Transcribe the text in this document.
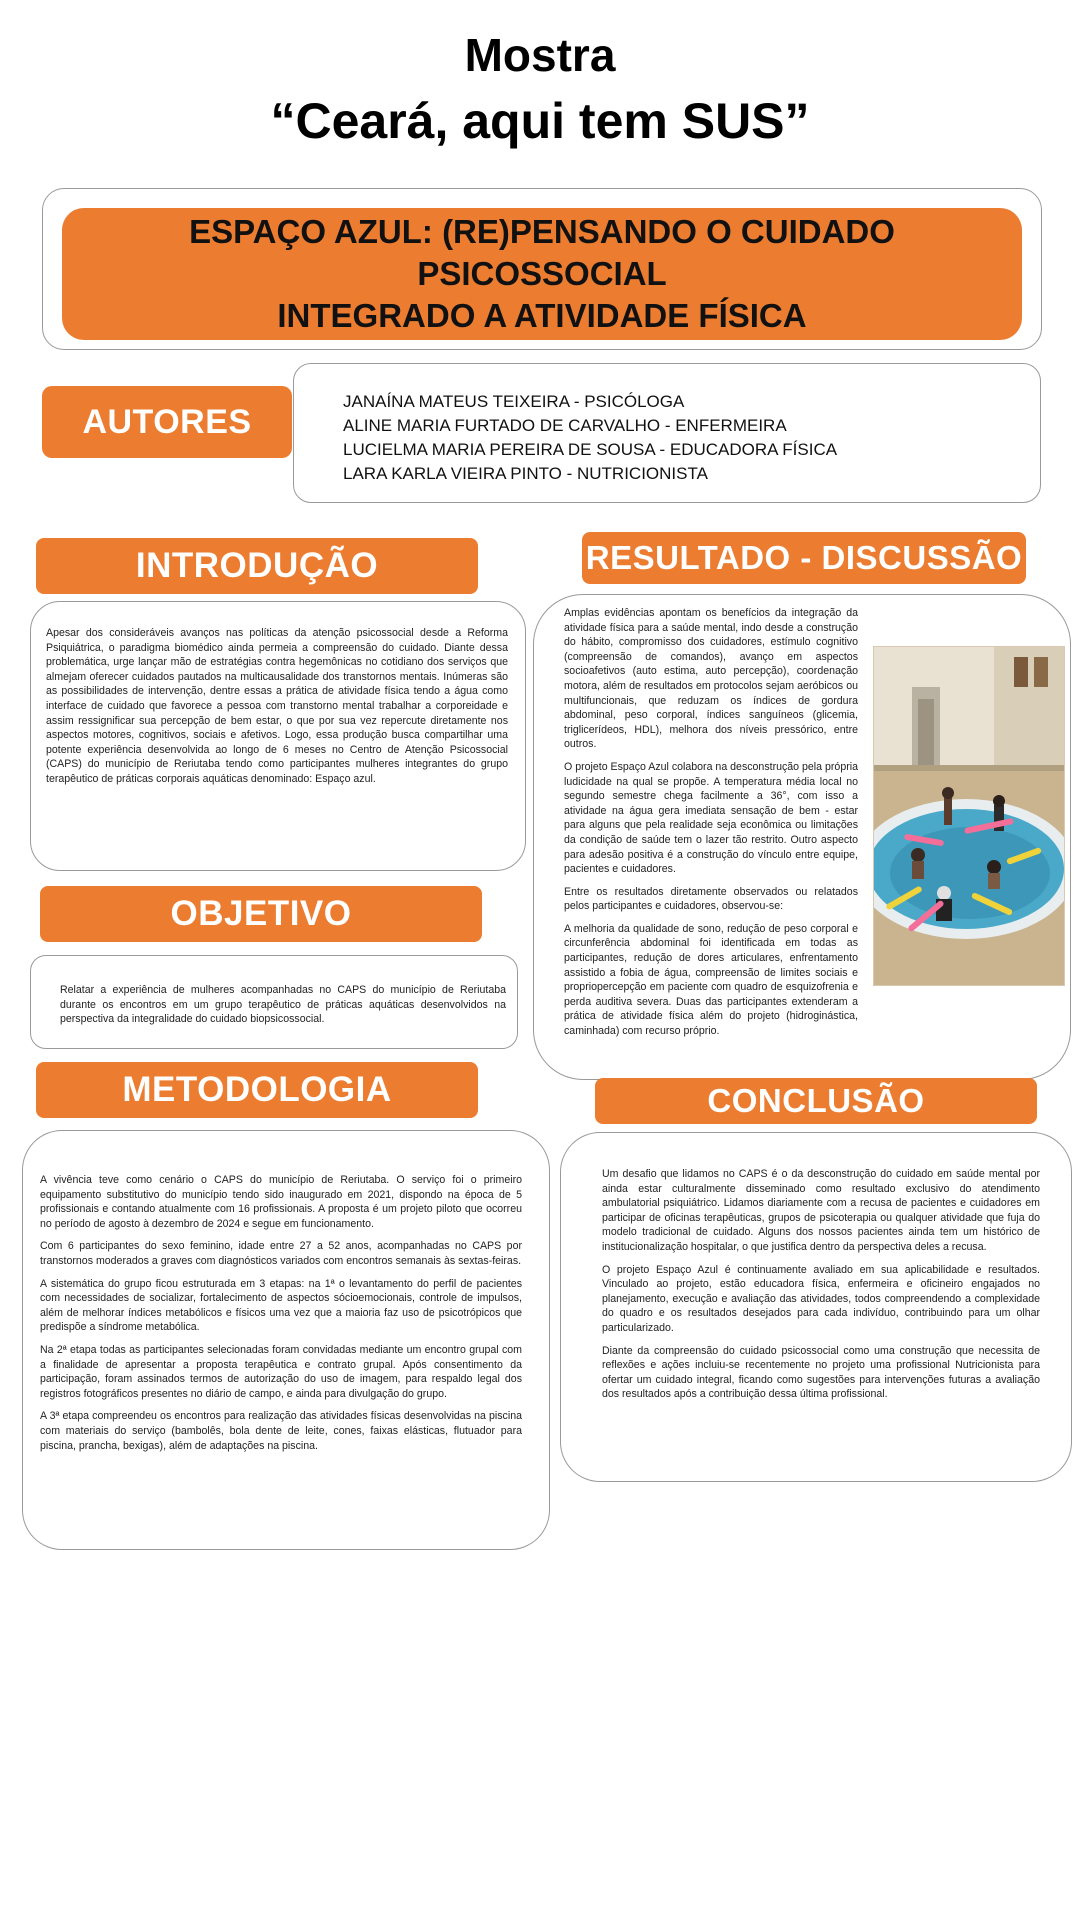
Mostra
“Ceará, aqui tem SUS”
ESPAÇO AZUL: (RE)PENSANDO O CUIDADO PSICOSSOCIAL
INTEGRADO A ATIVIDADE FÍSICA
AUTORES
JANAÍNA MATEUS TEIXEIRA - PSICÓLOGA
ALINE MARIA FURTADO DE CARVALHO - ENFERMEIRA
LUCIELMA MARIA PEREIRA DE SOUSA - EDUCADORA FÍSICA
LARA KARLA VIEIRA PINTO - NUTRICIONISTA
INTRODUÇÃO
Apesar dos consideráveis avanços nas políticas da atenção psicossocial desde a Reforma Psiquiátrica, o paradigma biomédico ainda permeia a compreensão do cuidado. Diante dessa problemática, urge lançar mão de estratégias contra hegemônicas no cotidiano dos serviços que almejam oferecer cuidados pautados na multicausalidade dos transtornos mentais. Inúmeras são as possibilidades de intervenção, dentre essas a prática de atividade física tendo a água como interface de cuidado que favorece a pessoa com transtorno mental trabalhar a corporeidade e assim ressignificar sua percepção de bem estar, o que por sua vez repercute diretamente nos aspectos motores, cognitivos, sociais e afetivos. Logo, essa produção busca compartilhar uma potente experiência desenvolvida ao longo de 6 meses no Centro de Atenção Psicossocial (CAPS) do município de Reriutaba tendo como participantes mulheres integrantes do grupo terapêutico de práticas corporais aquáticas denominado: Espaço azul.
OBJETIVO
Relatar a experiência de mulheres acompanhadas no CAPS do município de Reriutaba durante os encontros em um grupo terapêutico de práticas aquáticas desenvolvidos na perspectiva da integralidade do cuidado biopsicossocial.
METODOLOGIA

A vivência teve como cenário o CAPS do município de Reriutaba. O serviço foi o primeiro equipamento substitutivo do município tendo sido inaugurado em 2021, dispondo na época de 5 profissionais e contando atualmente com 16 profissionais. A proposta é um projeto piloto que ocorreu no período de agosto à dezembro de 2024 e segue em funcionamento.

Com 6 participantes do sexo feminino, idade entre 27 a 52 anos, acompanhadas no CAPS por transtornos moderados a graves com diagnósticos variados com encontros semanais às sextas-feiras.

A sistemática do grupo ficou estruturada em 3 etapas: na 1ª o levantamento do perfil de pacientes com necessidades de socializar, fortalecimento de aspectos sócioemocionais, controle de impulsos, além de melhorar índices metabólicos e físicos uma vez que a maioria faz uso de psicotrópicos que predispõe a síndrome metabólica.

Na 2ª etapa todas as participantes selecionadas foram convidadas mediante um encontro grupal com a finalidade de apresentar a proposta terapêutica e contrato grupal. Após consentimento da participação, foram assinados termos de autorização do uso de imagem, para respaldo legal dos registros fotográficos presentes no diário de campo, e ainda para divulgação do grupo.

A 3ª etapa compreendeu os encontros para realização das atividades físicas desenvolvidas na piscina com materiais do serviço (bambolês, bola dente de leite, cones, faixas elásticas, flutuador para piscina, prancha, bexigas), além de adaptações na piscina.

RESULTADO - DISCUSSÃO

Amplas evidências apontam os benefícios da integração da atividade física para a saúde mental, indo desde a construção do hábito, compromisso dos cuidadores, estímulo cognitivo (compreensão de comandos), avanço em aspectos socioafetivos (auto estima, auto percepção), coordenação motora, além de resultados em protocolos sejam aeróbicos ou multifuncionais, que reduzam os índices de gordura abdominal, peso corporal, índices sanguíneos (glicemia, triglicerídeos, HDL), melhora dos níveis pressórico, entre outros.

O projeto Espaço Azul colabora na desconstrução pela própria ludicidade na qual se propõe. A temperatura média local no segundo semestre chega facilmente a 36°, com isso a atividade na água gera imediata sensação de bem - estar para alguns que pela realidade seja econômica ou limitações da condição de saúde tem o lazer tão restrito. Outro aspecto para adesão positiva é a construção do vínculo entre equipe, pacientes e cuidadores.

Entre os resultados diretamente observados ou relatados pelos participantes e cuidadores, observou-se:

A melhoria da qualidade de sono, redução de peso corporal e circunferência abdominal foi identificada em todas as participantes, redução de dores articulares, enfrentamento assistido a fobia de água, compreensão de limites sociais e propriopercepção em paciente com quadro de esquizofrenia e perda auditiva severa. Duas das participantes extenderam a prática de atividade física além do projeto (hidroginástica, caminhada) com recurso próprio.

CONCLUSÃO

Um desafio que lidamos no CAPS é o da desconstrução do cuidado em saúde mental por ainda estar culturalmente disseminado como resultado exclusivo do atendimento ambulatorial psiquiátrico. Lidamos diariamente com a recusa de pacientes e cuidadores em participar de oficinas terapêuticas, grupos de psicoterapia ou qualquer atividade que fuja do modelo tradicional de cuidado. Alguns dos nossos pacientes ainda tem um histórico de institucionalização hospitalar, o que justifica dentro da perspectiva deles a recusa.

O projeto Espaço Azul é continuamente avaliado em sua aplicabilidade e resultados. Vinculado ao projeto, estão educadora física, enfermeira e oficineiro engajados no planejamento, execução e avaliação das atividades, todos compreendendo a complexidade do quadro e os resultados desejados para cada indivíduo, contribuindo para um olhar particularizado.

Diante da compreensão do cuidado psicossocial como uma construção que necessita de reflexões e ações incluiu-se recentemente no projeto uma profissional Nutricionista para ofertar um cuidado integral, ficando como sugestões para intervenções futuras a avaliação dos resultados após a contribuição dessa última profissional.
